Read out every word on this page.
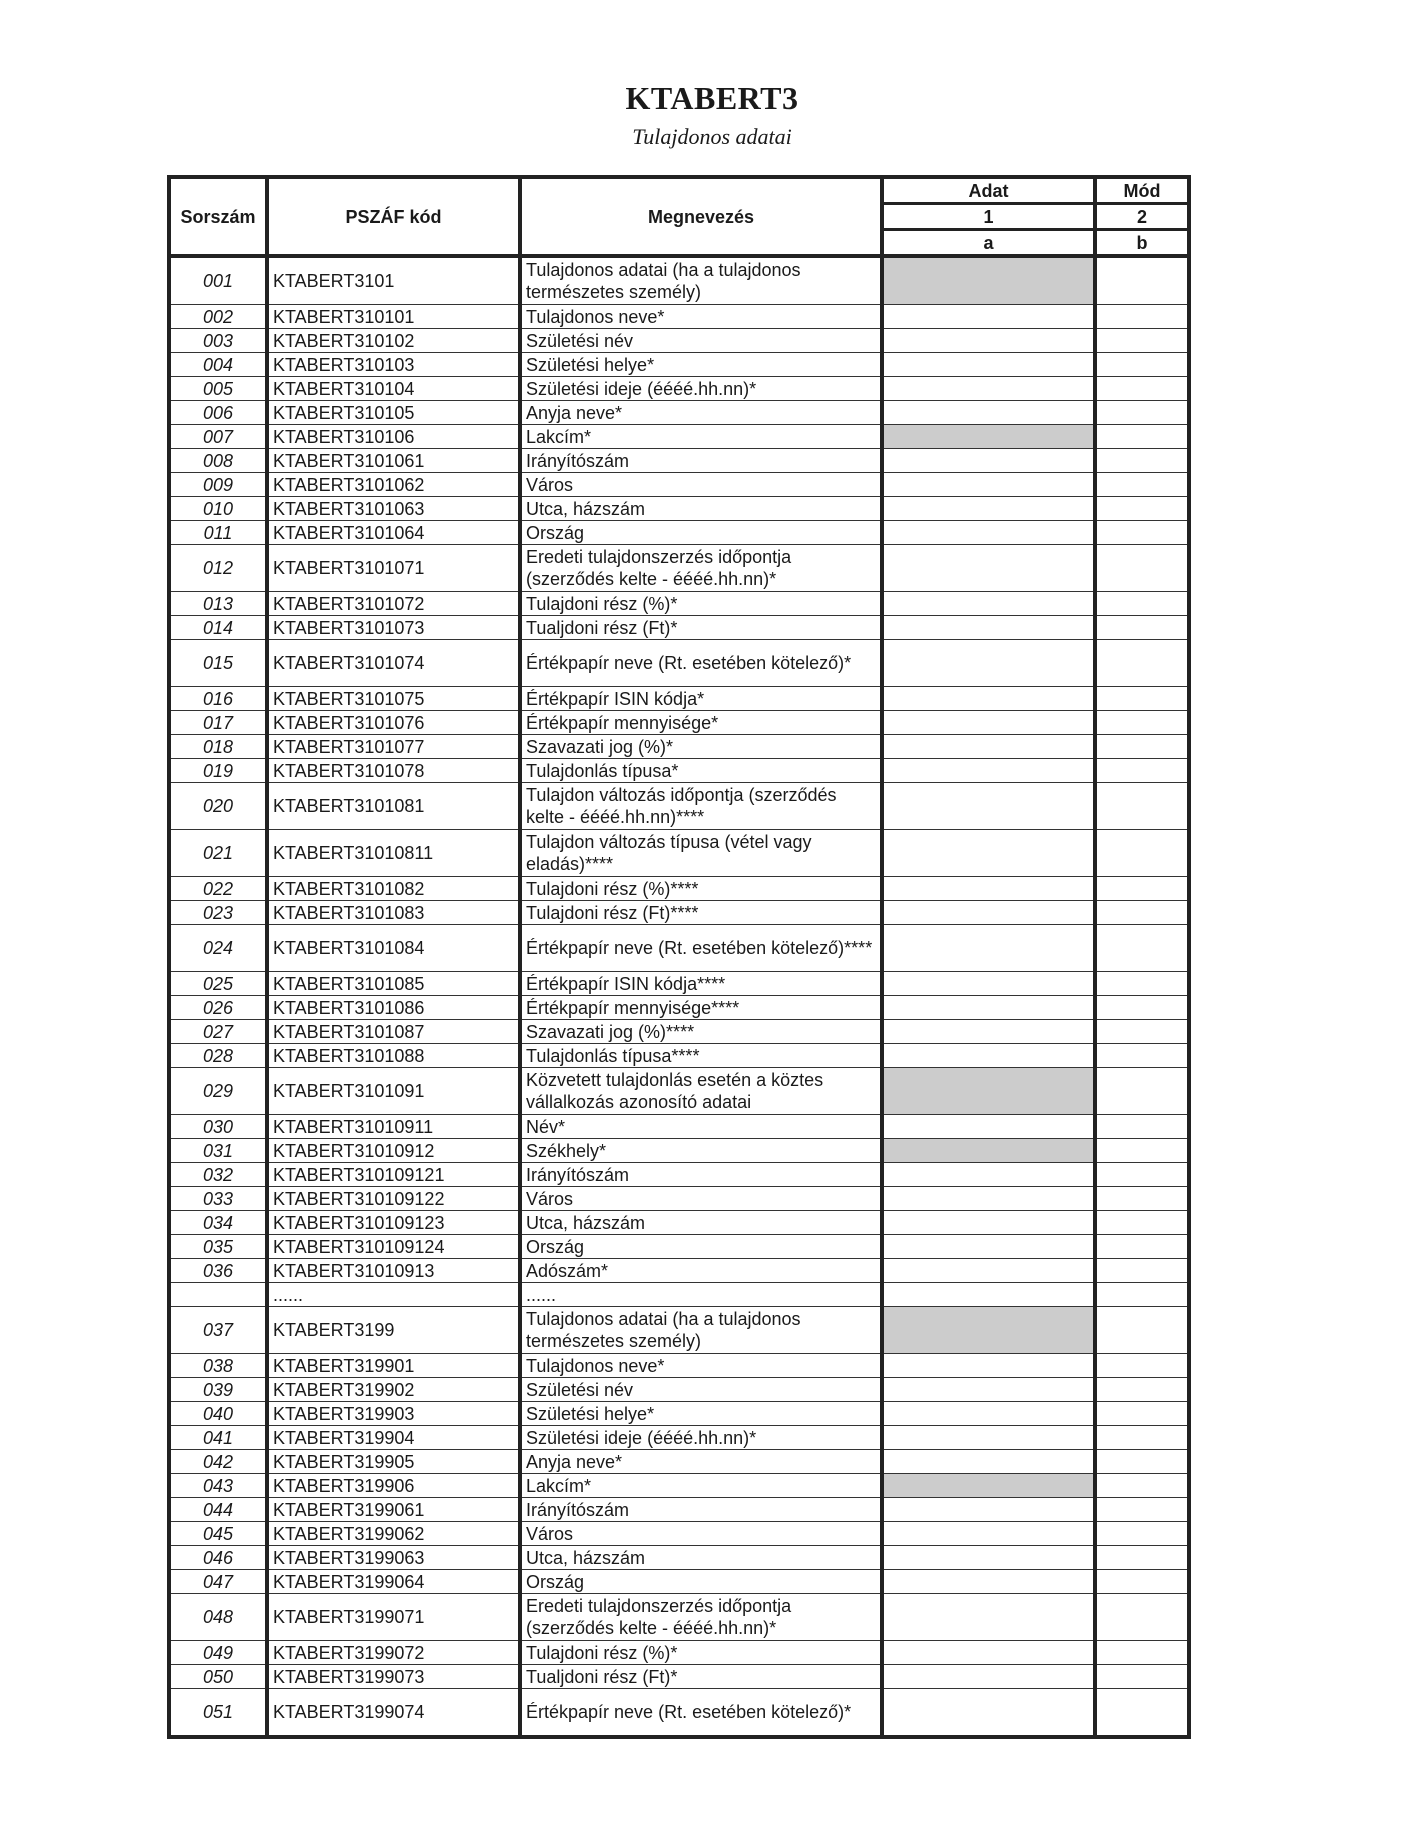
KTABERT3
Tulajdonos adatai
Sorszám	PSZÁF kód	Megnevezés	Adat	Mód
			1	2
			a	b
001	KTABERT3101	Tulajdonos adatai (ha a tulajdonos természetes személy)		
002	KTABERT310101	Tulajdonos neve*		
003	KTABERT310102	Születési név		
004	KTABERT310103	Születési helye*		
005	KTABERT310104	Születési ideje (éééé.hh.nn)*		
006	KTABERT310105	Anyja neve*		
007	KTABERT310106	Lakcím*		
008	KTABERT3101061	Irányítószám		
009	KTABERT3101062	Város		
010	KTABERT3101063	Utca, házszám		
011	KTABERT3101064	Ország		
012	KTABERT3101071	Eredeti tulajdonszerzés időpontja (szerződés kelte - éééé.hh.nn)*		
013	KTABERT3101072	Tulajdoni rész (%)*		
014	KTABERT3101073	Tualjdoni rész (Ft)*		
015	KTABERT3101074	Értékpapír neve (Rt. esetében kötelező)*		
016	KTABERT3101075	Értékpapír ISIN kódja*		
017	KTABERT3101076	Értékpapír mennyisége*		
018	KTABERT3101077	Szavazati jog (%)*		
019	KTABERT3101078	Tulajdonlás típusa*		
020	KTABERT3101081	Tulajdon változás időpontja (szerződés kelte - éééé.hh.nn)****		
021	KTABERT31010811	Tulajdon változás típusa (vétel vagy eladás)****		
022	KTABERT3101082	Tulajdoni rész (%)****		
023	KTABERT3101083	Tulajdoni rész (Ft)****		
024	KTABERT3101084	Értékpapír neve (Rt. esetében kötelező)****		
025	KTABERT3101085	Értékpapír ISIN kódja****		
026	KTABERT3101086	Értékpapír mennyisége****		
027	KTABERT3101087	Szavazati jog (%)****		
028	KTABERT3101088	Tulajdonlás típusa****		
029	KTABERT3101091	Közvetett tulajdonlás esetén a köztes vállalkozás azonosító adatai		
030	KTABERT31010911	Név*		
031	KTABERT31010912	Székhely*		
032	KTABERT310109121	Irányítószám		
033	KTABERT310109122	Város		
034	KTABERT310109123	Utca, házszám		
035	KTABERT310109124	Ország		
036	KTABERT31010913	Adószám*		
	......	......		
037	KTABERT3199	Tulajdonos adatai (ha a tulajdonos természetes személy)		
038	KTABERT319901	Tulajdonos neve*		
039	KTABERT319902	Születési név		
040	KTABERT319903	Születési helye*		
041	KTABERT319904	Születési ideje (éééé.hh.nn)*		
042	KTABERT319905	Anyja neve*		
043	KTABERT319906	Lakcím*		
044	KTABERT3199061	Irányítószám		
045	KTABERT3199062	Város		
046	KTABERT3199063	Utca, házszám		
047	KTABERT3199064	Ország		
048	KTABERT3199071	Eredeti tulajdonszerzés időpontja (szerződés kelte - éééé.hh.nn)*		
049	KTABERT3199072	Tulajdoni rész (%)*		
050	KTABERT3199073	Tualjdoni rész (Ft)*		
051	KTABERT3199074	Értékpapír neve (Rt. esetében kötelező)*		
